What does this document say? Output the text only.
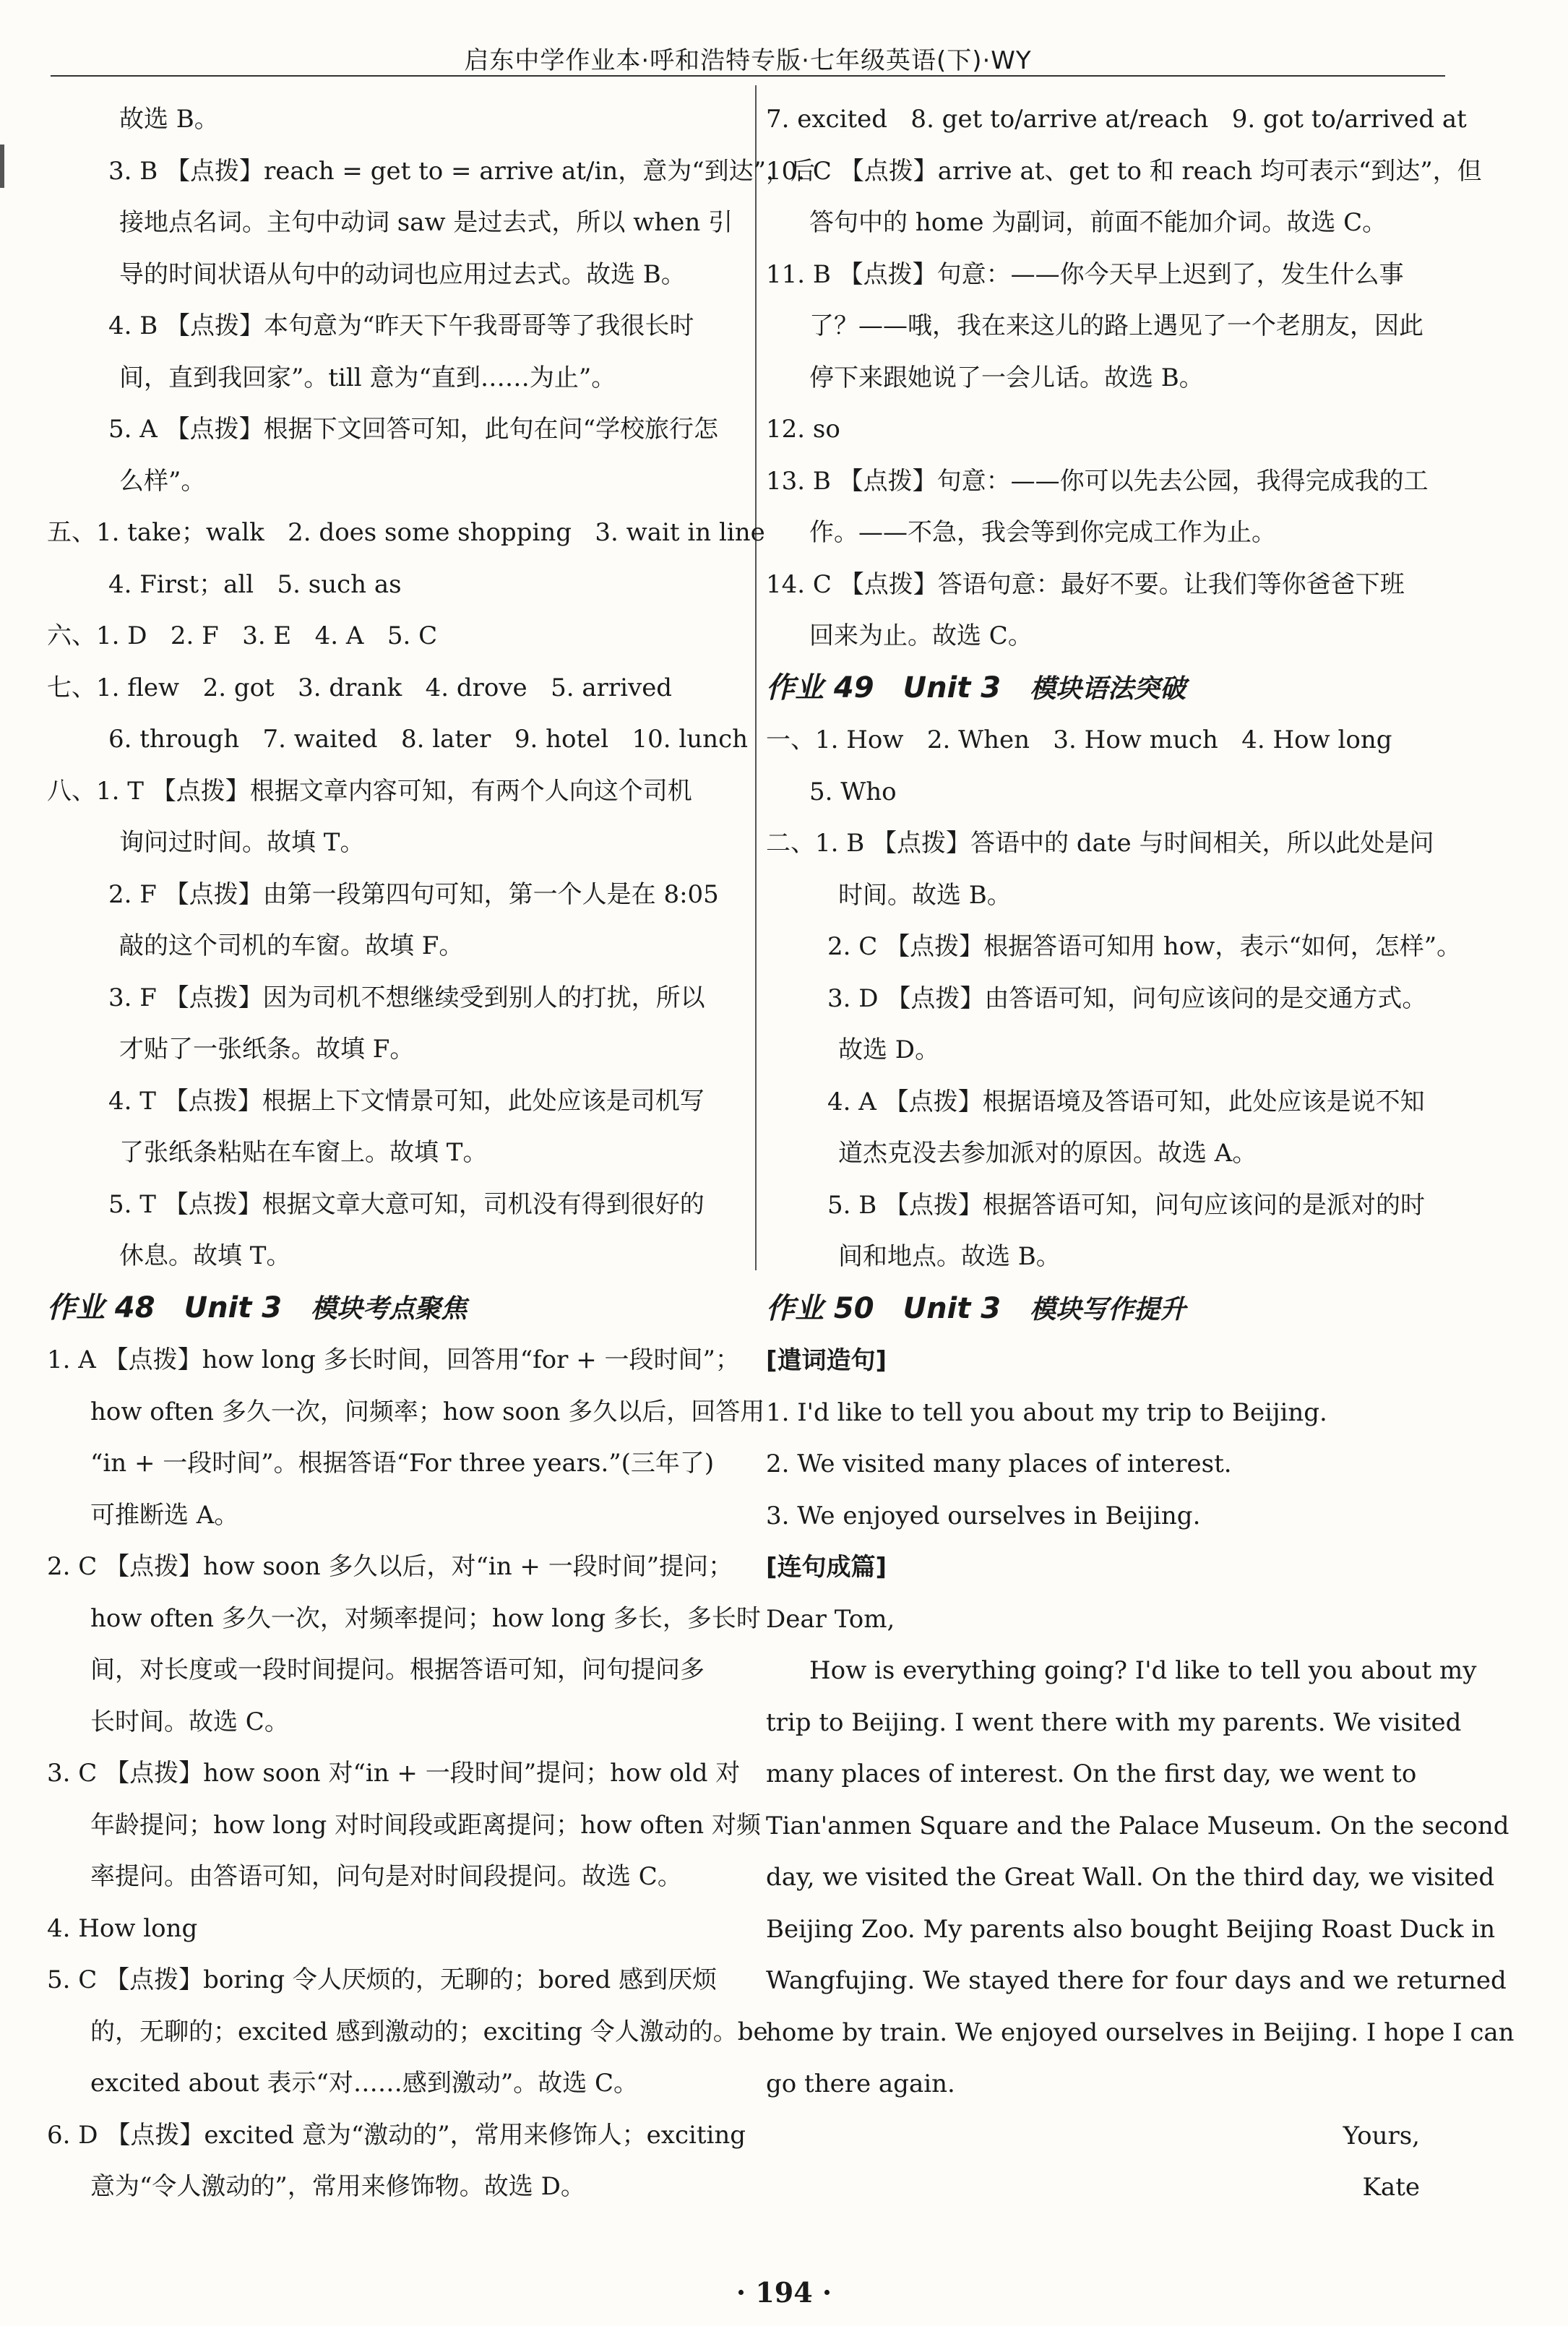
启东中学作业本·呼和浩特专版·七年级英语(下)·WY
故选 B。
3. B 【点拨】reach = get to = arrive at/in，意为“到达”，后
接地点名词。主句中动词 saw 是过去式，所以 when 引
导的时间状语从句中的动词也应用过去式。故选 B。
4. B 【点拨】本句意为“昨天下午我哥哥等了我很长时
间，直到我回家”。till 意为“直到……为止”。
5. A 【点拨】根据下文回答可知，此句在问“学校旅行怎
么样”。
五、1. take；walk   2. does some shopping   3. wait in line
4. First；all   5. such as
六、1. D   2. F   3. E   4. A   5. C
七、1. flew   2. got   3. drank   4. drove   5. arrived
6. through   7. waited   8. later   9. hotel   10. lunch
八、1. T 【点拨】根据文章内容可知，有两个人向这个司机
询问过时间。故填 T。
2. F 【点拨】由第一段第四句可知，第一个人是在 8:05
敲的这个司机的车窗。故填 F。
3. F 【点拨】因为司机不想继续受到别人的打扰，所以
才贴了一张纸条。故填 F。
4. T 【点拨】根据上下文情景可知，此处应该是司机写
了张纸条粘贴在车窗上。故填 T。
5. T 【点拨】根据文章大意可知，司机没有得到很好的
休息。故填 T。
作业 48 Unit 3 模块考点聚焦
1. A 【点拨】how long 多长时间，回答用“for + 一段时间”；
how often 多久一次，问频率；how soon 多久以后，回答用
“in + 一段时间”。根据答语“For three years.”(三年了)
可推断选 A。
2. C 【点拨】how soon 多久以后，对“in + 一段时间”提问；
how often 多久一次，对频率提问；how long 多长，多长时
间，对长度或一段时间提问。根据答语可知，问句提问多
长时间。故选 C。
3. C 【点拨】how soon 对“in + 一段时间”提问；how old 对
年龄提问；how long 对时间段或距离提问；how often 对频
率提问。由答语可知，问句是对时间段提问。故选 C。
4. How long
5. C 【点拨】boring 令人厌烦的，无聊的；bored 感到厌烦
的，无聊的；excited 感到激动的；exciting 令人激动的。be
excited about 表示“对……感到激动”。故选 C。
6. D 【点拨】excited 意为“激动的”，常用来修饰人；exciting
意为“令人激动的”，常用来修饰物。故选 D。
7. excited   8. get to/arrive at/reach   9. got to/arrived at
10. C 【点拨】arrive at、get to 和 reach 均可表示“到达”，但
答句中的 home 为副词，前面不能加介词。故选 C。
11. B 【点拨】句意：——你今天早上迟到了，发生什么事
了？——哦，我在来这儿的路上遇见了一个老朋友，因此
停下来跟她说了一会儿话。故选 B。
12. so
13. B 【点拨】句意：——你可以先去公园，我得完成我的工
作。——不急，我会等到你完成工作为止。
14. C 【点拨】答语句意：最好不要。让我们等你爸爸下班
回来为止。故选 C。
作业 49 Unit 3 模块语法突破
一、1. How   2. When   3. How much   4. How long
5. Who
二、1. B 【点拨】答语中的 date 与时间相关，所以此处是问
时间。故选 B。
2. C 【点拨】根据答语可知用 how，表示“如何，怎样”。
3. D 【点拨】由答语可知，问句应该问的是交通方式。
故选 D。
4. A 【点拨】根据语境及答语可知，此处应该是说不知
道杰克没去参加派对的原因。故选 A。
5. B 【点拨】根据答语可知，问句应该问的是派对的时
间和地点。故选 B。
作业 50 Unit 3 模块写作提升
[遣词造句]
1. I'd like to tell you about my trip to Beijing.
2. We visited many places of interest.
3. We enjoyed ourselves in Beijing.
[连句成篇]
Dear Tom,
How is everything going? I'd like to tell you about my
trip to Beijing. I went there with my parents. We visited
many places of interest. On the first day, we went to
Tian'anmen Square and the Palace Museum. On the second
day, we visited the Great Wall. On the third day, we visited
Beijing Zoo. My parents also bought Beijing Roast Duck in
Wangfujing. We stayed there for four days and we returned
home by train. We enjoyed ourselves in Beijing. I hope I can
go there again.
Yours,
Kate
· 194 ·
